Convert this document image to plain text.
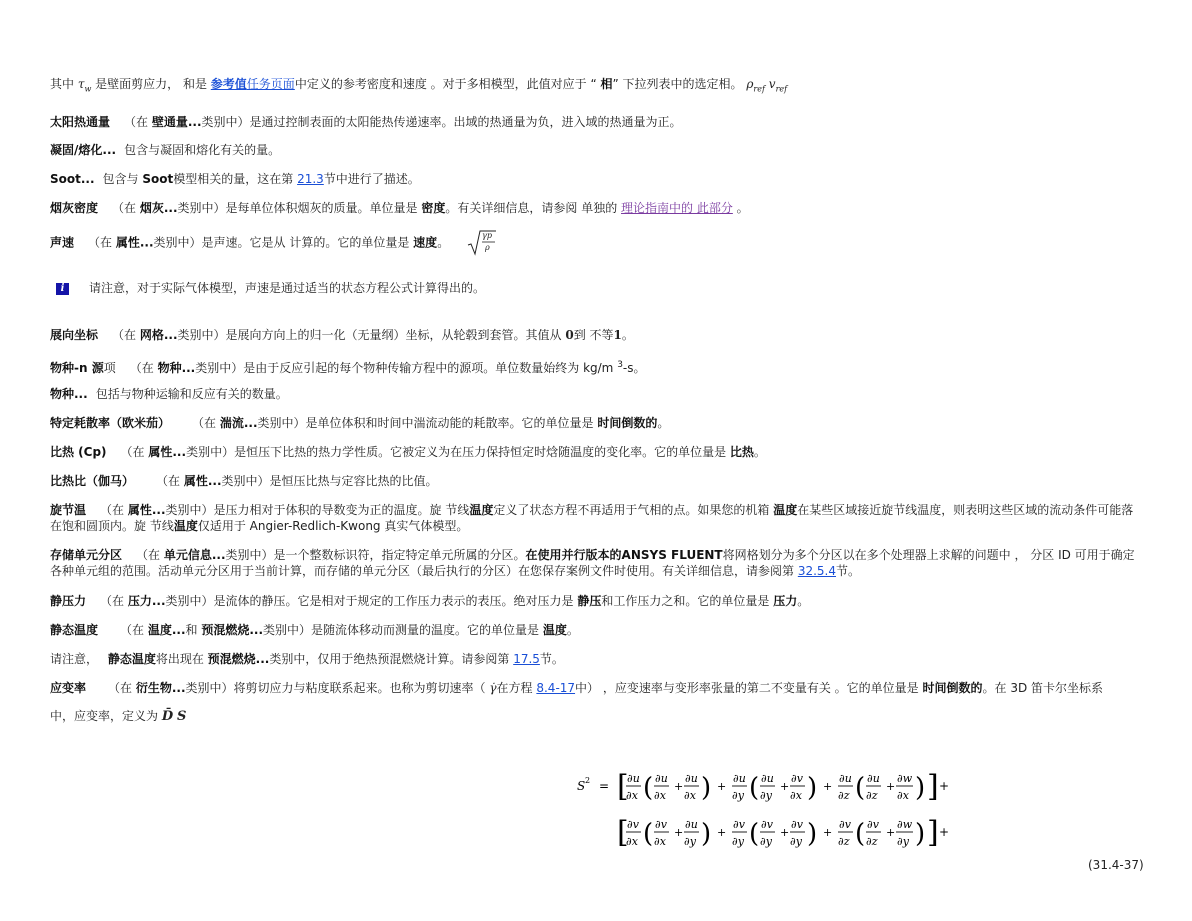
其中 $\tau_w$ 是壁面剪应力， 和是 参考值任务页面中定义的参考密度和速度 。对于多相模型，此值对应于 “ 相” 下拉列表中的选定相。 $\rho_{ref}$ $v_{ref}$
太阳热通量 （在 壁通量...类别中）是通过控制表面的太阳能热传递速率。出域的热通量为负，进入域的热通量为正。
凝固/熔化... 包含与凝固和熔化有关的量。
Soot... 包含与 Soot模型相关的量，这在第 21.3节中进行了描述。
烟灰密度 （在 烟灰...类别中）是每单位体积烟灰的质量。单位量是 密度。有关详细信息，请参阅 单独的 理论指南中的 此部分 。
声速 （在 属性...类别中）是声速。它是从 计算的。它的单位量是 速度。	γp
ρ
i 请注意，对于实际气体模型，声速是通过适当的状态方程公式计算得出的。
展向坐标 （在 网格...类别中）是展向方向上的归一化（无量纲）坐标，从轮毂到套管。其值从 0到 不等1。
物种-n 源项 （在 物种...类别中）是由于反应引起的每个物种传输方程中的源项。单位数量始终为 kg/m $^3$-s。
物种... 包括与物种运输和反应有关的数量。
特定耗散率（欧米茄） （在 湍流...类别中）是单位体积和时间中湍流动能的耗散率。它的单位量是 时间倒数的。
比热 (Cp) （在 属性...类别中）是恒压下比热的热力学性质。它被定义为在压力保持恒定时焓随温度的变化率。它的单位量是 比热。
比热比（伽马） （在 属性...类别中）是恒压比热与定容比热的比值。
旋节温 （在 属性...类别中）是压力相对于体积的导数变为正的温度。旋 节线温度定义了状态方程不再适用于气相的点。如果您的机箱 温度在某些区域接近旋节线温度，则表明这些区域的流动条件可能落在饱和圆顶内。旋 节线温度仅适用于 Angier-Redlich-Kwong 真实气体模型。
存储单元分区 （在 单元信息...类别中）是一个整数标识符，指定特定单元所属的分区。在使用并行版本的ANSYS FLUENT将网格划分为多个分区以在多个处理器上求解的问题中 ， 分区 ID 可用于确定各种单元组的范围。活动单元分区用于当前计算，而存储的单元分区（最后执行的分区）在您保存案例文件时使用。有关详细信息，请参阅第 32.5.4节。
静压力 （在 压力...类别中）是流体的静压。它是相对于规定的工作压力表示的表压。绝对压力是 静压和工作压力之和。它的单位量是 压力。
静态温度 （在 温度...和 预混燃烧...类别中）是随流体移动而测量的温度。它的单位量是 温度。
请注意， 静态温度将出现在 预混燃烧...类别中，仅用于绝热预混燃烧计算。请参阅第 17.5节。
应变率 （在 衍生物...类别中）将剪切应力与粘度联系起来。也称为剪切速率（ γ̇在方程 8.4-17中） ，应变速率与变形率张量的第二不变量有关 。它的单位量是 时间倒数的。在 3D 笛卡尔坐标系
中，应变率，定义为 D̄ S
S 2 = [
∂u
∂x ( ∂u
∂x
+
∂u
∂x ) +
∂u
∂y ( ∂u
∂y
+
∂v
∂x ) +
∂u
∂z ( ∂u
∂z
+
∂w
∂x ) ] +
[
∂v
∂x ( ∂v
∂x
+
∂u
∂y ) +
∂v
∂y ( ∂v
∂y
+
∂v
∂y ) +
∂v
∂z ( ∂v
∂z
+
∂w
∂y ) ] +
(31.4-37)
